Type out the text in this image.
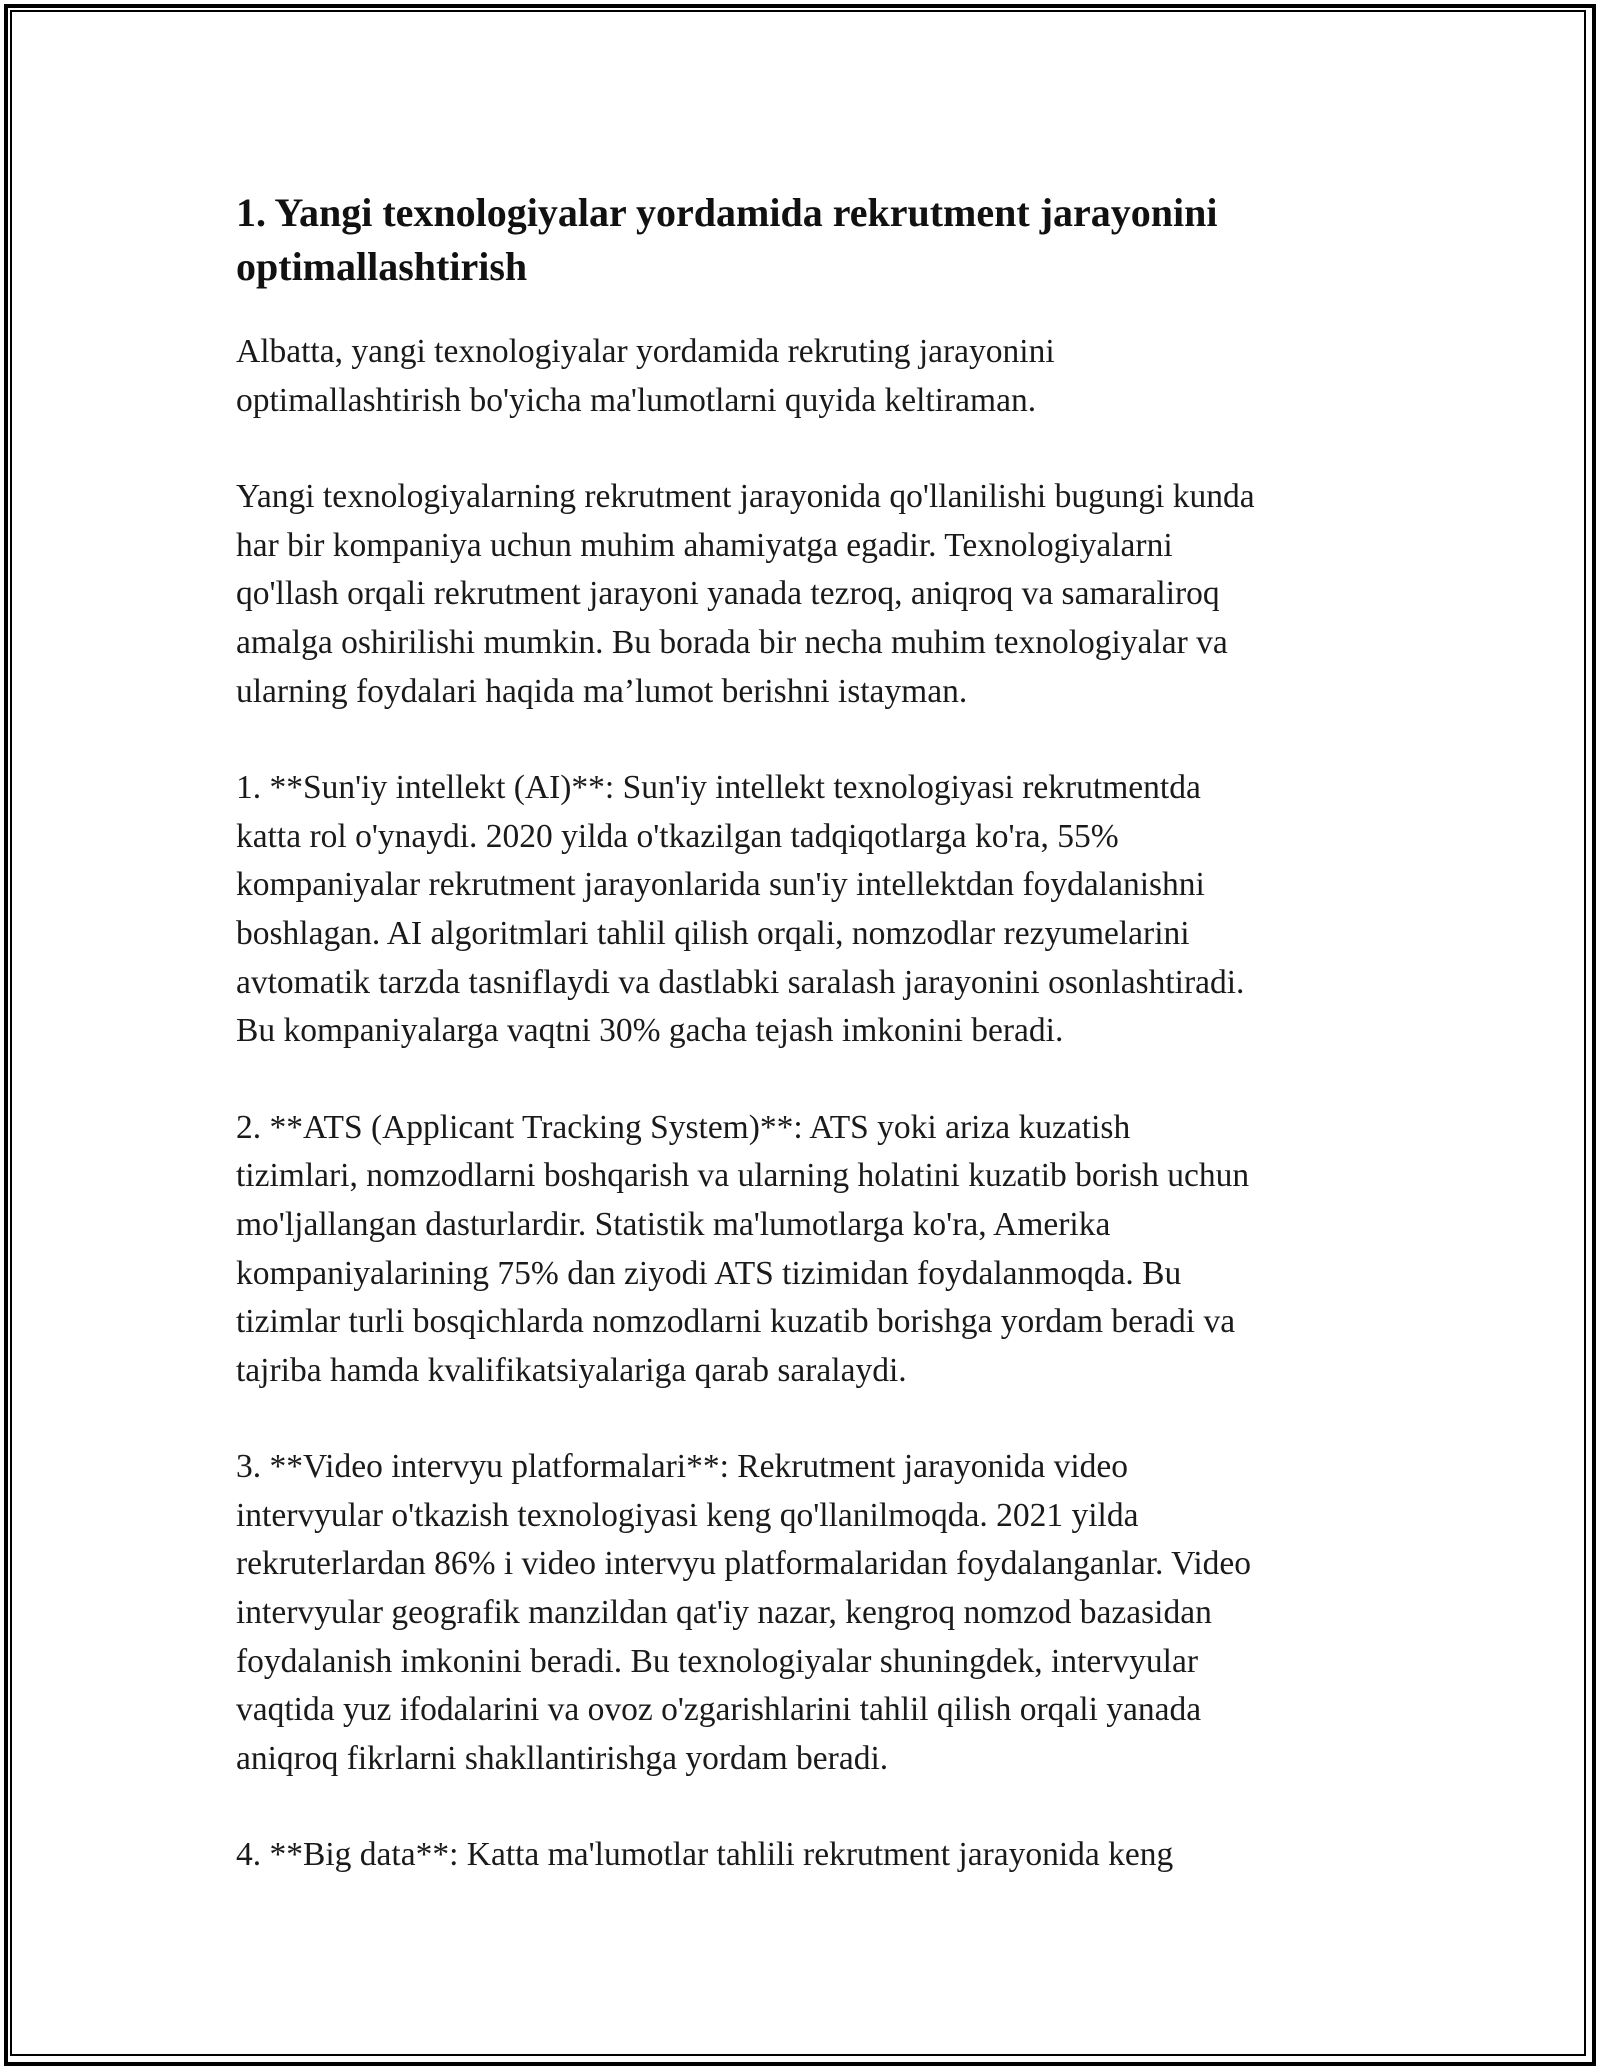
1. Yangi texnologiyalar yordamida rekrutment jarayonini
optimallashtirish

Albatta, yangi texnologiyalar yordamida rekruting jarayonini
optimallashtirish bo'yicha ma'lumotlarni quyida keltiraman.

Yangi texnologiyalarning rekrutment jarayonida qo'llanilishi bugungi kunda
har bir kompaniya uchun muhim ahamiyatga egadir. Texnologiyalarni
qo'llash orqali rekrutment jarayoni yanada tezroq, aniqroq va samaraliroq
amalga oshirilishi mumkin. Bu borada bir necha muhim texnologiyalar va
ularning foydalari haqida ma’lumot berishni istayman.

1. **Sun'iy intellekt (AI)**: Sun'iy intellekt texnologiyasi rekrutmentda
katta rol o'ynaydi. 2020 yilda o'tkazilgan tadqiqotlarga ko'ra, 55%
kompaniyalar rekrutment jarayonlarida sun'iy intellektdan foydalanishni
boshlagan. AI algoritmlari tahlil qilish orqali, nomzodlar rezyumelarini
avtomatik tarzda tasniflaydi va dastlabki saralash jarayonini osonlashtiradi.
Bu kompaniyalarga vaqtni 30% gacha tejash imkonini beradi.

2. **ATS (Applicant Tracking System)**: ATS yoki ariza kuzatish
tizimlari, nomzodlarni boshqarish va ularning holatini kuzatib borish uchun
mo'ljallangan dasturlardir. Statistik ma'lumotlarga ko'ra, Amerika
kompaniyalarining 75% dan ziyodi ATS tizimidan foydalanmoqda. Bu
tizimlar turli bosqichlarda nomzodlarni kuzatib borishga yordam beradi va
tajriba hamda kvalifikatsiyalariga qarab saralaydi.

3. **Video intervyu platformalari**: Rekrutment jarayonida video
intervyular o'tkazish texnologiyasi keng qo'llanilmoqda. 2021 yilda
rekruterlardan 86% i video intervyu platformalaridan foydalanganlar. Video
intervyular geografik manzildan qat'iy nazar, kengroq nomzod bazasidan
foydalanish imkonini beradi. Bu texnologiyalar shuningdek, intervyular
vaqtida yuz ifodalarini va ovoz o'zgarishlarini tahlil qilish orqali yanada
aniqroq fikrlarni shakllantirishga yordam beradi.

4. **Big data**: Katta ma'lumotlar tahlili rekrutment jarayonida keng
